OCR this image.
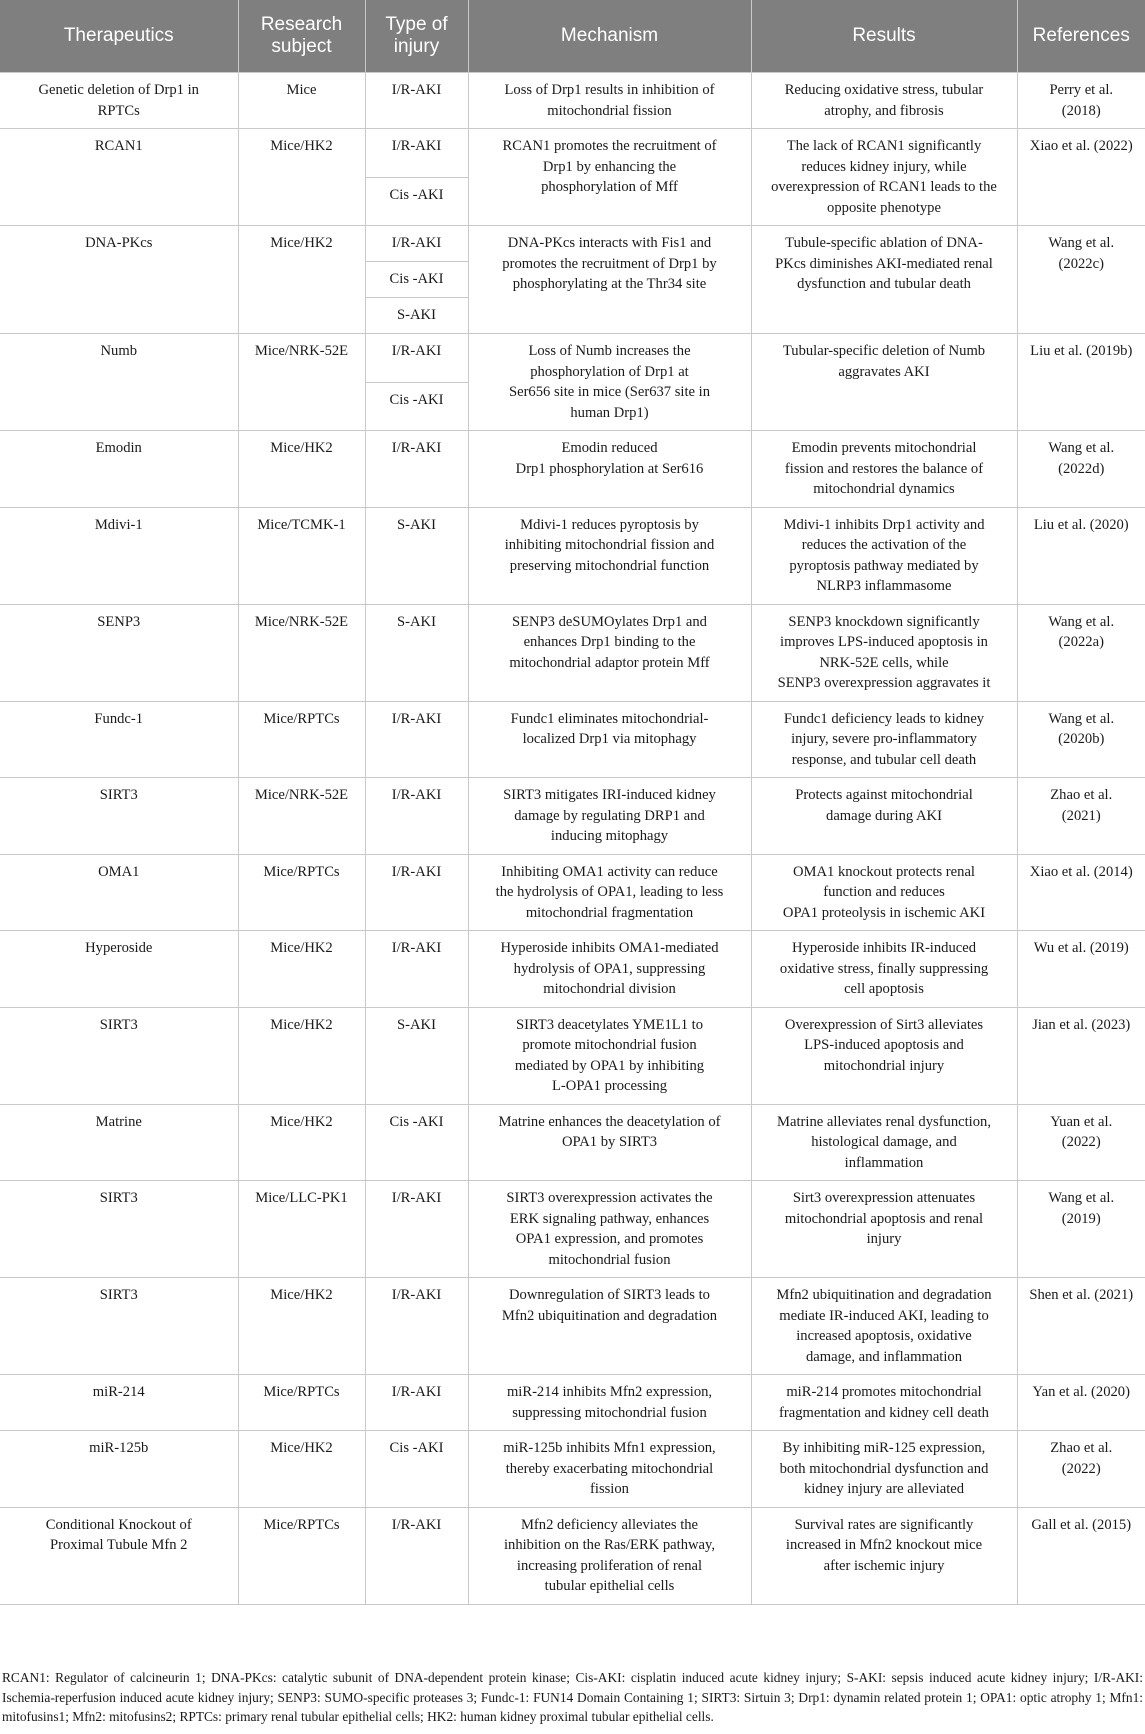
Therapeutics	Research
subject	Type of
injury	Mechanism	Results	References
Genetic deletion of Drp1 in
RPTCs	Mice	I/R-AKI	Loss of Drp1 results in inhibition of
mitochondrial fission	Reducing oxidative stress, tubular
atrophy, and fibrosis	Perry et al.
(2018)
RCAN1	Mice/HK2	I/R-AKI	RCAN1 promotes the recruitment of
Drp1 by enhancing the
phosphorylation of Mff	The lack of RCAN1 significantly
reduces kidney injury, while
overexpression of RCAN1 leads to the
opposite phenotype	Xiao et al. (2022)
		Cis -AKI			
DNA-PKcs	Mice/HK2	I/R-AKI	DNA-PKcs interacts with Fis1 and
promotes the recruitment of Drp1 by
phosphorylating at the Thr34 site	Tubule-specific ablation of DNA-
PKcs diminishes AKI-mediated renal
dysfunction and tubular death	Wang et al.
(2022c)
		Cis -AKI			
		S-AKI			
Numb	Mice/NRK-52E	I/R-AKI	Loss of Numb increases the
phosphorylation of Drp1 at
Ser656 site in mice (Ser637 site in
human Drp1)	Tubular-specific deletion of Numb
aggravates AKI	Liu et al. (2019b)
		Cis -AKI			
Emodin	Mice/HK2	I/R-AKI	Emodin reduced
Drp1 phosphorylation at Ser616	Emodin prevents mitochondrial
fission and restores the balance of
mitochondrial dynamics	Wang et al.
(2022d)
Mdivi-1	Mice/TCMK-1	S-AKI	Mdivi-1 reduces pyroptosis by
inhibiting mitochondrial fission and
preserving mitochondrial function	Mdivi-1 inhibits Drp1 activity and
reduces the activation of the
pyroptosis pathway mediated by
NLRP3 inflammasome	Liu et al. (2020)
SENP3	Mice/NRK-52E	S-AKI	SENP3 deSUMOylates Drp1 and
enhances Drp1 binding to the
mitochondrial adaptor protein Mff	SENP3 knockdown significantly
improves LPS-induced apoptosis in
NRK-52E cells, while
SENP3 overexpression aggravates it	Wang et al.
(2022a)
Fundc-1	Mice/RPTCs	I/R-AKI	Fundc1 eliminates mitochondrial-
localized Drp1 via mitophagy	Fundc1 deficiency leads to kidney
injury, severe pro-inflammatory
response, and tubular cell death	Wang et al.
(2020b)
SIRT3	Mice/NRK-52E	I/R-AKI	SIRT3 mitigates IRI-induced kidney
damage by regulating DRP1 and
inducing mitophagy	Protects against mitochondrial
damage during AKI	Zhao et al.
(2021)
OMA1	Mice/RPTCs	I/R-AKI	Inhibiting OMA1 activity can reduce
the hydrolysis of OPA1, leading to less
mitochondrial fragmentation	OMA1 knockout protects renal
function and reduces
OPA1 proteolysis in ischemic AKI	Xiao et al. (2014)
Hyperoside	Mice/HK2	I/R-AKI	Hyperoside inhibits OMA1-mediated
hydrolysis of OPA1, suppressing
mitochondrial division	Hyperoside inhibits IR-induced
oxidative stress, finally suppressing
cell apoptosis	Wu et al. (2019)
SIRT3	Mice/HK2	S-AKI	SIRT3 deacetylates YME1L1 to
promote mitochondrial fusion
mediated by OPA1 by inhibiting
L-OPA1 processing	Overexpression of Sirt3 alleviates
LPS-induced apoptosis and
mitochondrial injury	Jian et al. (2023)
Matrine	Mice/HK2	Cis -AKI	Matrine enhances the deacetylation of
OPA1 by SIRT3	Matrine alleviates renal dysfunction,
histological damage, and
inflammation	Yuan et al.
(2022)
SIRT3	Mice/LLC-PK1	I/R-AKI	SIRT3 overexpression activates the
ERK signaling pathway, enhances
OPA1 expression, and promotes
mitochondrial fusion	Sirt3 overexpression attenuates
mitochondrial apoptosis and renal
injury	Wang et al.
(2019)
SIRT3	Mice/HK2	I/R-AKI	Downregulation of SIRT3 leads to
Mfn2 ubiquitination and degradation	Mfn2 ubiquitination and degradation
mediate IR-induced AKI, leading to
increased apoptosis, oxidative
damage, and inflammation	Shen et al. (2021)
miR-214	Mice/RPTCs	I/R-AKI	miR-214 inhibits Mfn2 expression,
suppressing mitochondrial fusion	miR-214 promotes mitochondrial
fragmentation and kidney cell death	Yan et al. (2020)
miR-125b	Mice/HK2	Cis -AKI	miR-125b inhibits Mfn1 expression,
thereby exacerbating mitochondrial
fission	By inhibiting miR-125 expression,
both mitochondrial dysfunction and
kidney injury are alleviated	Zhao et al.
(2022)
Conditional Knockout of
Proximal Tubule Mfn 2	Mice/RPTCs	I/R-AKI	Mfn2 deficiency alleviates the
inhibition on the Ras/ERK pathway,
increasing proliferation of renal
tubular epithelial cells	Survival rates are significantly
increased in Mfn2 knockout mice
after ischemic injury	Gall et al. (2015)
RCAN1: Regulator of calcineurin 1; DNA-PKcs: catalytic subunit of DNA-dependent protein kinase; Cis-AKI: cisplatin induced acute kidney injury; S-AKI: sepsis induced acute kidney injury; I/R-AKI: Ischemia-reperfusion induced acute kidney injury; SENP3: SUMO-specific proteases 3; Fundc-1: FUN14 Domain Containing 1; SIRT3: Sirtuin 3; Drp1: dynamin related protein 1; OPA1: optic atrophy 1; Mfn1: mitofusins1; Mfn2: mitofusins2; RPTCs: primary renal tubular epithelial cells; HK2: human kidney proximal tubular epithelial cells.
